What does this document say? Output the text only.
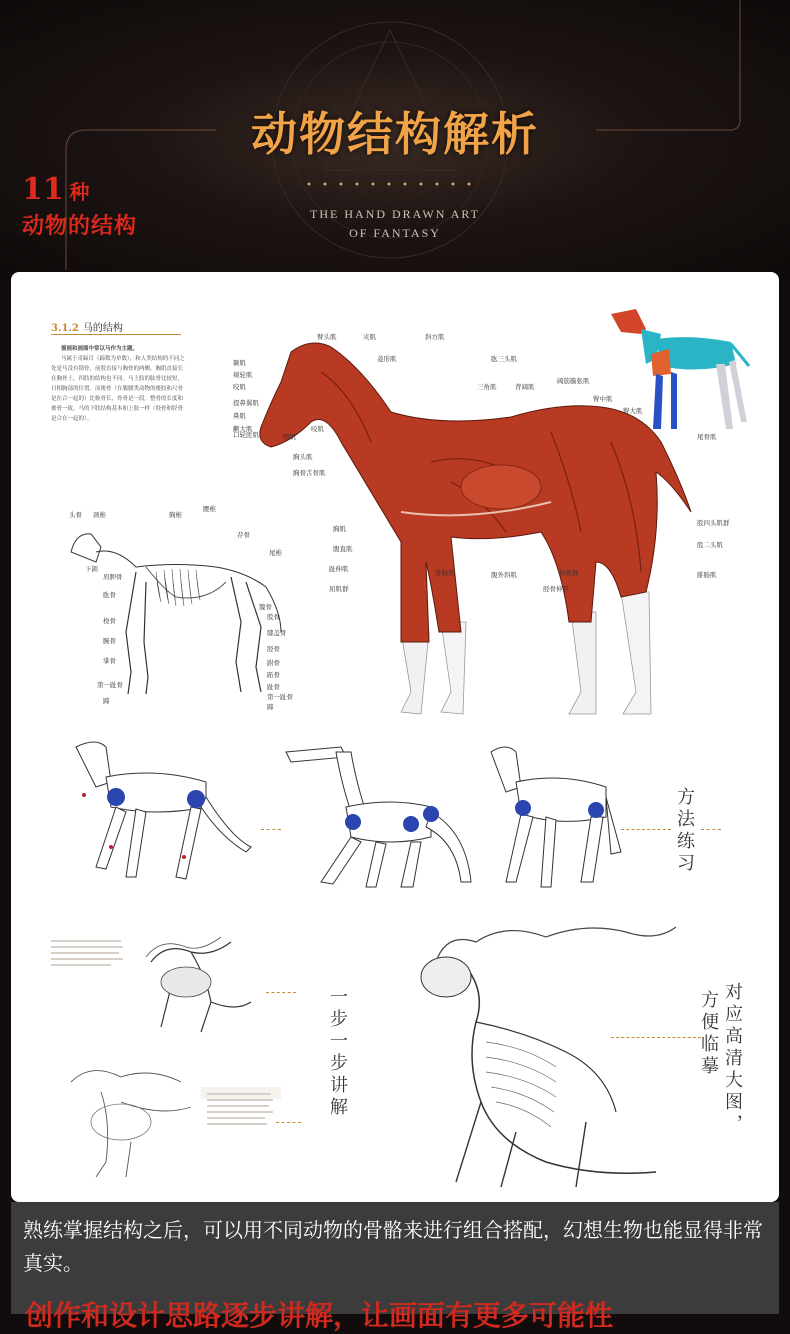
动物结构解析
THE HAND DRAWN ART
OF FANTASY
11 种
动物的结构
3.1.2 马的结构

描画和画图中常以马作为主题。

马属于奇蹄目（蹄数为单数），和人类结构的不同之处是马没有锁骨，前肢直接与胸骨的两侧。胸肌直接长在胸骨上，四肢的结构也不同。马上肢的肱骨比较短，只相胸部的位置。而後骨（在腹腰类动物的後肢和尺骨是在合一起的）比較骨长，骨骨是一段。整骨的长度和後骨一致，马的下肢结构基本和上肢一样（胫骨和胫骨是合在一起的）。

颞肌
颊轮肌
咬肌
提鼻翼肌
鼻肌
颧大肌
口轮匝肌
臂头肌	夹肌	斜方肌
菱形肌	肱三头肌
三角肌	背阔肌
阔筋膜张肌
臀中肌
臀大肌
咽肌
咬肌
胸头肌
胸骨舌骨肌
胸肌
腹直肌
腹外斜肌
腓肠肌
趾伸肌
胫骨伸肌
尾骨肌
股四头肌群
股二头肌
腓肠肌
屈肌群
伸肌群
头骨 颈椎	胸椎
腰椎
荐骨
尾椎
下颌
肩胛骨
肱骨
桡骨
腕骨
掌骨
第一趾骨
蹄
髋骨
股骨
膝盖骨
胫骨
跗骨
跖骨
趾骨
第一趾骨
蹄
方法练习
一步一步讲解	对应高清大图，
方便临摹
熟练掌握结构之后，可以用不同动物的骨骼来进行组合搭配，幻想生物也能显得非常真实。
创作和设计思路逐步讲解，让画面有更多可能性
